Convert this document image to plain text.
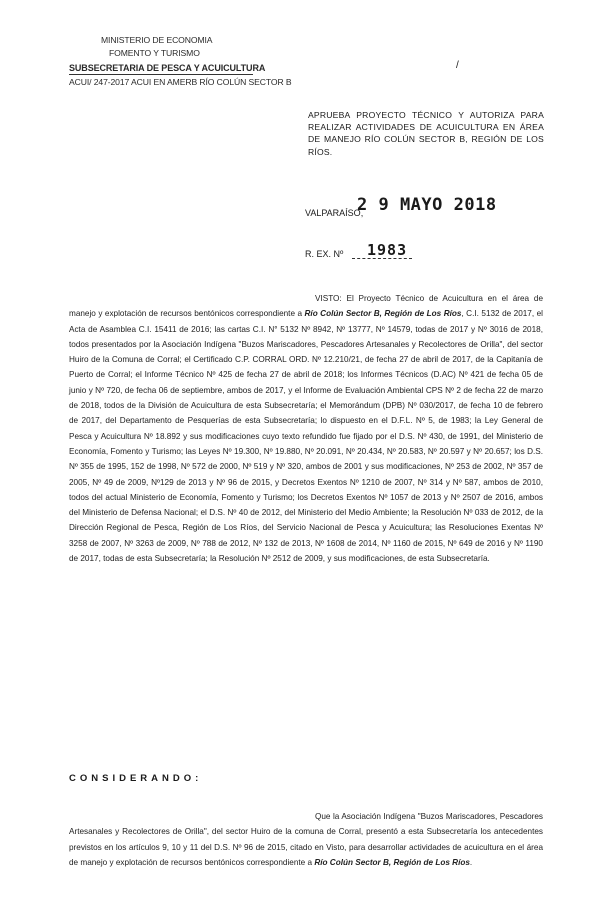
MINISTERIO DE ECONOMIA
FOMENTO Y TURISMO
SUBSECRETARIA DE PESCA Y ACUICULTURA
ACUI/ 247-2017 ACUI EN AMERB RÍO COLÚN SECTOR B
/
APRUEBA PROYECTO TÉCNICO Y AUTORIZA PARA REALIZAR ACTIVIDADES DE ACUICULTURA EN ÁREA DE MANEJO RÍO COLÚN SECTOR B, REGIÓN DE LOS RÍOS.
VALPARAÍSO,
2 9 MAYO 2018
R. EX. Nº 1983

VISTO: El Proyecto Técnico de Acuicultura en el área de manejo y explotación de recursos bentónicos correspondiente a Río Colún Sector B, Región de Los Ríos, C.I. 5132 de 2017, el Acta de Asamblea C.I. 15411 de 2016; las cartas C.I. N° 5132 Nº 8942, Nº 13777, Nº 14579, todas de 2017 y Nº 3016 de 2018, todos presentados por la Asociación Indígena "Buzos Mariscadores, Pescadores Artesanales y Recolectores de Orilla", del sector Huiro de la Comuna de Corral; el Certificado C.P. CORRAL ORD. Nº 12.210/21, de fecha 27 de abril de 2017, de la Capitanía de Puerto de Corral; el Informe Técnico Nº 425 de fecha 27 de abril de 2018; los Informes Técnicos (D.AC) Nº 421 de fecha 05 de junio y Nº 720, de fecha 06 de septiembre, ambos de 2017, y el Informe de Evaluación Ambiental CPS Nº 2 de fecha 22 de marzo de 2018, todos de la División de Acuicultura de esta Subsecretaría; el Memorándum (DPB) Nº 030/2017, de fecha 10 de febrero de 2017, del Departamento de Pesquerías de esta Subsecretaría; lo dispuesto en el D.F.L. Nº 5, de 1983; la Ley General de Pesca y Acuicultura Nº 18.892 y sus modificaciones cuyo texto refundido fue fijado por el D.S. Nº 430, de 1991, del Ministerio de Economía, Fomento y Turismo; las Leyes Nº 19.300, Nº 19.880, Nº 20.091, Nº 20.434, Nº 20.583, Nº 20.597 y Nº 20.657; los D.S. Nº 355 de 1995, 152 de 1998, Nº 572 de 2000, Nº 519 y Nº 320, ambos de 2001 y sus modificaciones, Nº 253 de 2002, Nº 357 de 2005, Nº 49 de 2009, Nº129 de 2013 y Nº 96 de 2015, y Decretos Exentos Nº 1210 de 2007, Nº 314 y Nº 587, ambos de 2010, todos del actual Ministerio de Economía, Fomento y Turismo; los Decretos Exentos Nº 1057 de 2013 y Nº 2507 de 2016, ambos del Ministerio de Defensa Nacional; el D.S. Nº 40 de 2012, del Ministerio del Medio Ambiente; la Resolución Nº 033 de 2012, de la Dirección Regional de Pesca, Región de Los Ríos, del Servicio Nacional de Pesca y Acuicultura; las Resoluciones Exentas Nº 3258 de 2007, Nº 3263 de 2009, Nº 788 de 2012, Nº 132 de 2013, Nº 1608 de 2014, Nº 1160 de 2015, Nº 649 de 2016 y Nº 1190 de 2017, todas de esta Subsecretaría; la Resolución Nº 2512 de 2009, y sus modificaciones, de esta Subsecretaría.

CONSIDERANDO:

Que la Asociación Indígena "Buzos Mariscadores, Pescadores Artesanales y Recolectores de Orilla", del sector Huiro de la comuna de Corral, presentó a esta Subsecretaría los antecedentes previstos en los artículos 9, 10 y 11 del D.S. Nº 96 de 2015, citado en Visto, para desarrollar actividades de acuicultura en el área de manejo y explotación de recursos bentónicos correspondiente a Río Colún Sector B, Región de Los Ríos.
